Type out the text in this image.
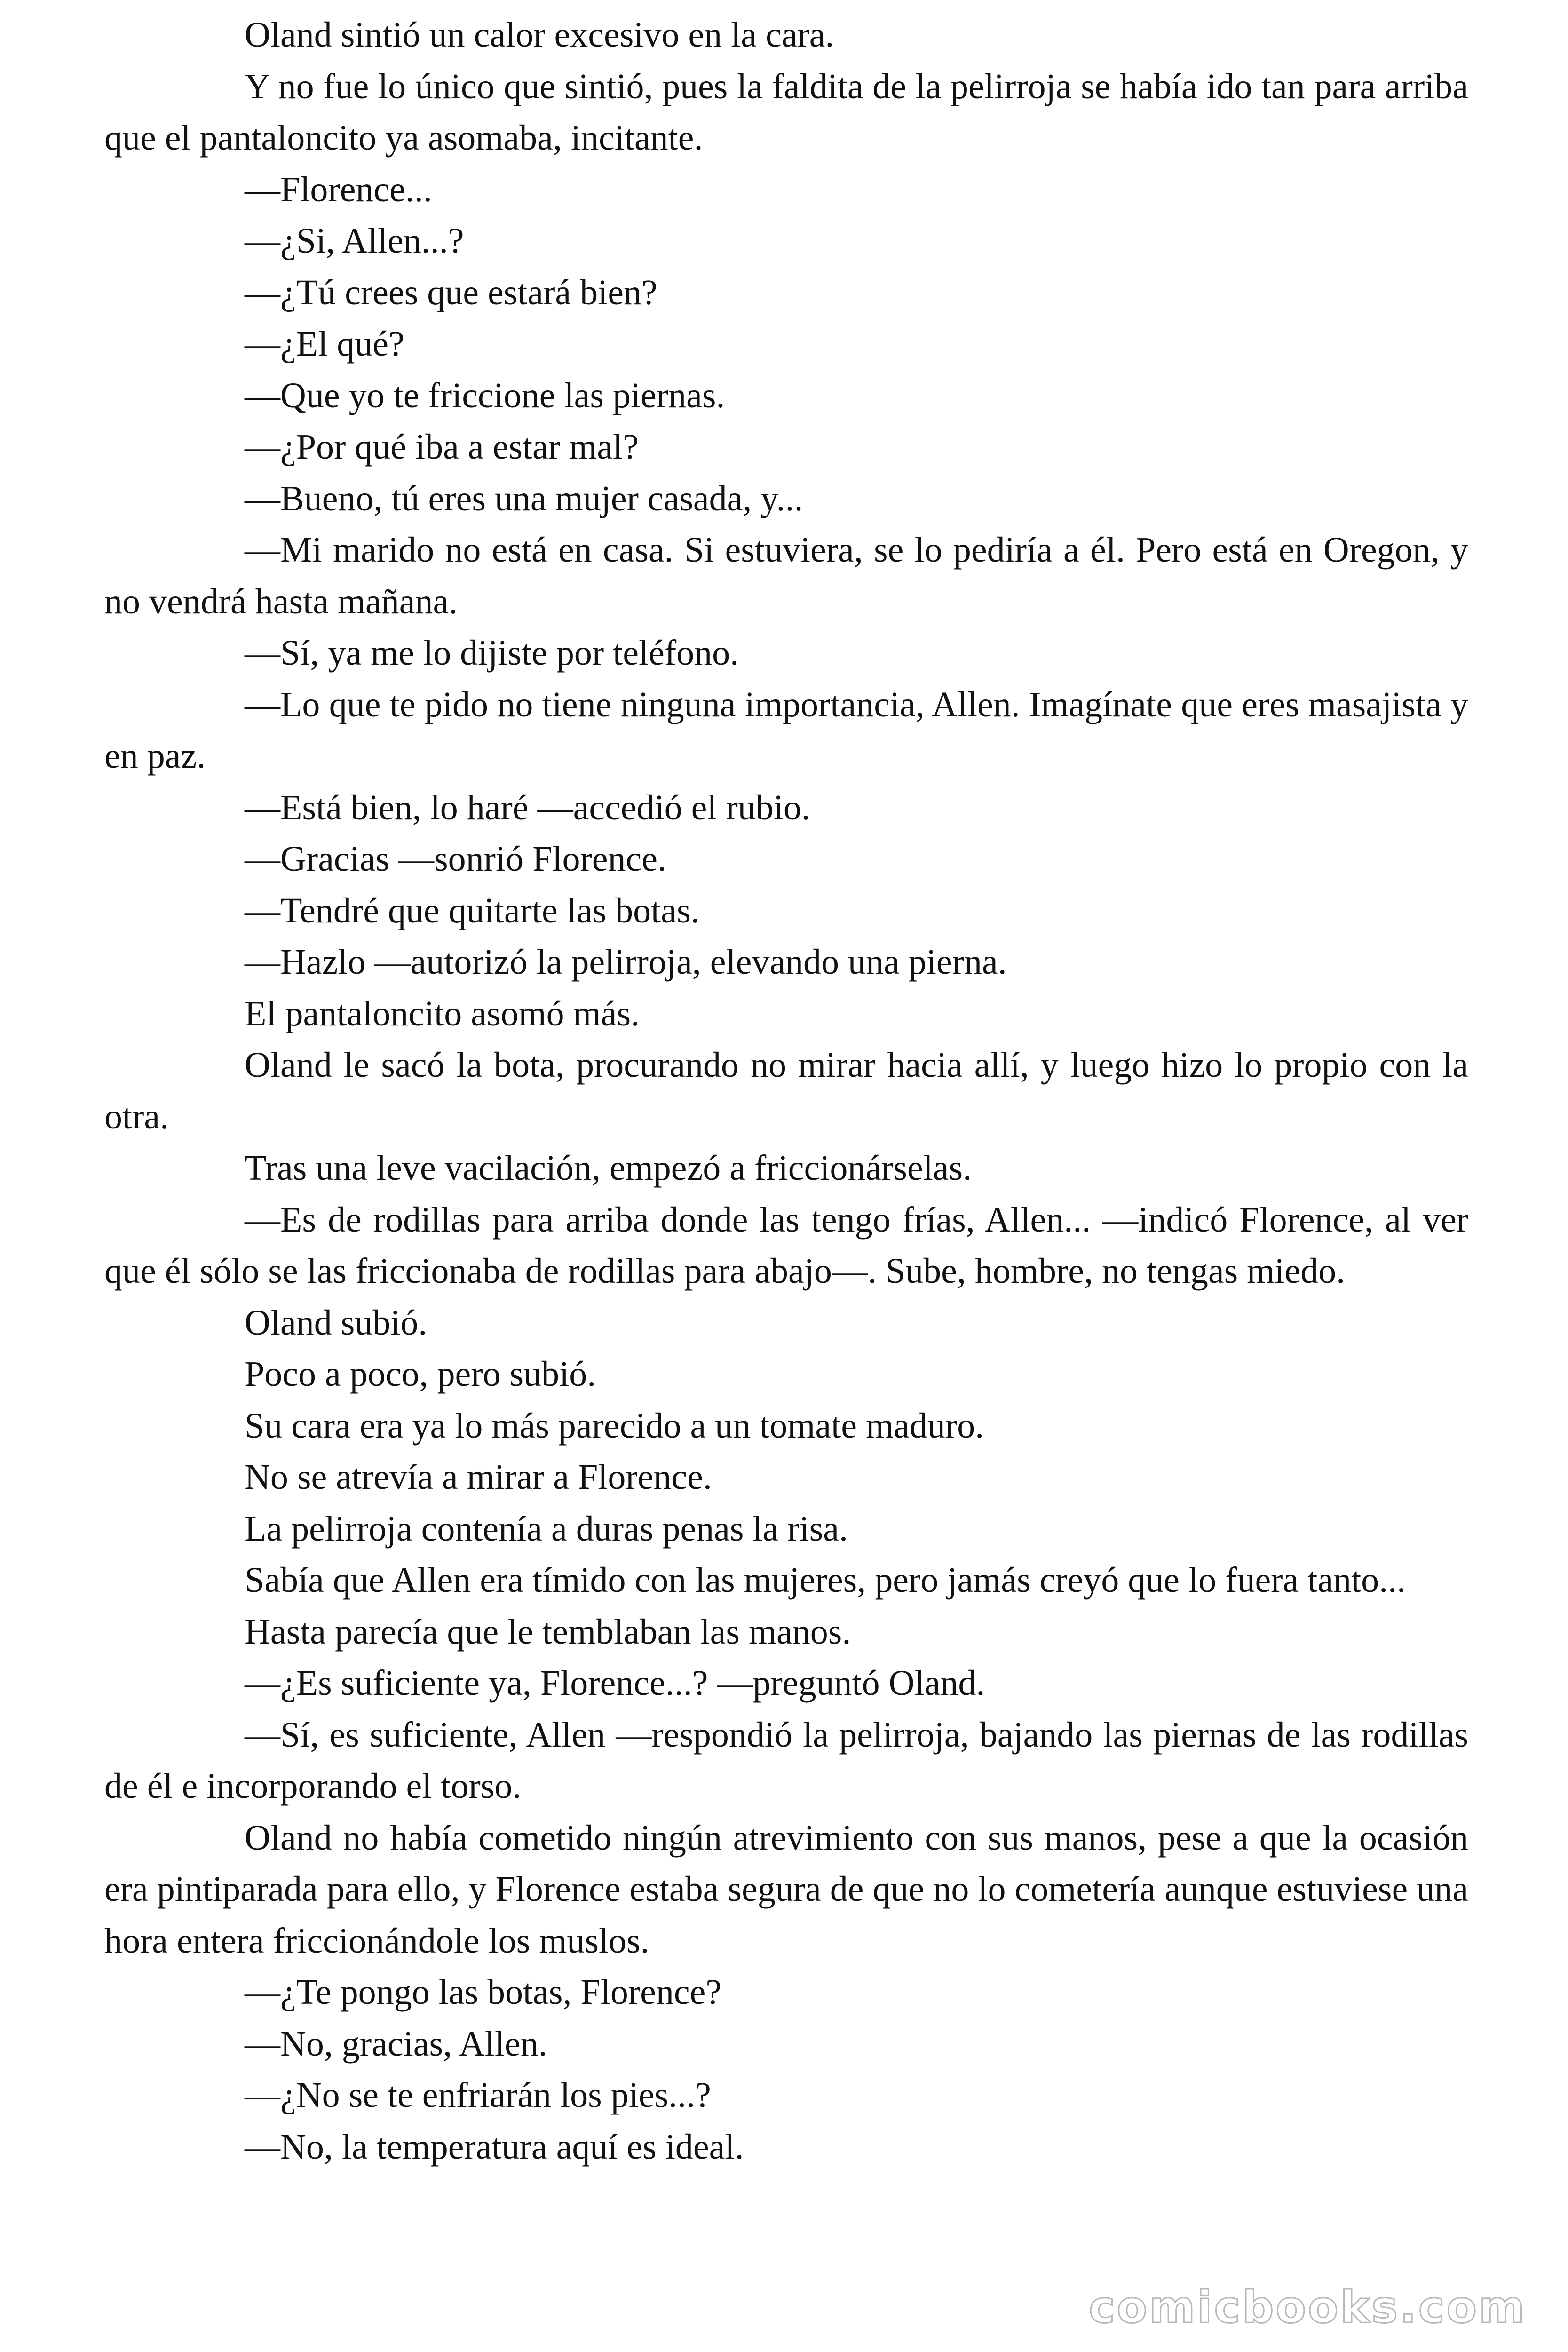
Oland sintió un calor excesivo en la cara.

Y no fue lo único que sintió, pues la faldita de la pelirroja se había ido tan para arriba que el pantaloncito ya asomaba, incitante.

—Florence...

—¿Si, Allen...?

—¿Tú crees que estará bien?

—¿El qué?

—Que yo te friccione las piernas.

—¿Por qué iba a estar mal?

—Bueno, tú eres una mujer casada, y...

—Mi marido no está en casa. Si estuviera, se lo pediría a él. Pero está en Oregon, y no vendrá hasta mañana.

—Sí, ya me lo dijiste por teléfono.

—Lo que te pido no tiene ninguna importancia, Allen. Imagínate que eres masajista y en paz.

—Está bien, lo haré —accedió el rubio.

—Gracias —sonrió Florence.

—Tendré que quitarte las botas.

—Hazlo —autorizó la pelirroja, elevando una pierna.

El pantaloncito asomó más.

Oland le sacó la bota, procurando no mirar hacia allí, y luego hizo lo propio con la otra.

Tras una leve vacilación, empezó a friccionárselas.

—Es de rodillas para arriba donde las tengo frías, Allen... —indicó Florence, al ver que él sólo se las friccionaba de rodillas para abajo—. Sube, hombre, no tengas miedo.

Oland subió.

Poco a poco, pero subió.

Su cara era ya lo más parecido a un tomate maduro.

No se atrevía a mirar a Florence.

La pelirroja contenía a duras penas la risa.

Sabía que Allen era tímido con las mujeres, pero jamás creyó que lo fuera tanto...

Hasta parecía que le temblaban las manos.

—¿Es suficiente ya, Florence...? —preguntó Oland.

—Sí, es suficiente, Allen —respondió la pelirroja, bajando las piernas de las rodillas de él e incorporando el torso.

Oland no había cometido ningún atrevimiento con sus manos, pese a que la ocasión era pintiparada para ello, y Florence estaba segura de que no lo cometería aunque estuviese una hora entera friccionándole los muslos.

—¿Te pongo las botas, Florence?

—No, gracias, Allen.

—¿No se te enfriarán los pies...?

—No, la temperatura aquí es ideal.

comicbooks.com
